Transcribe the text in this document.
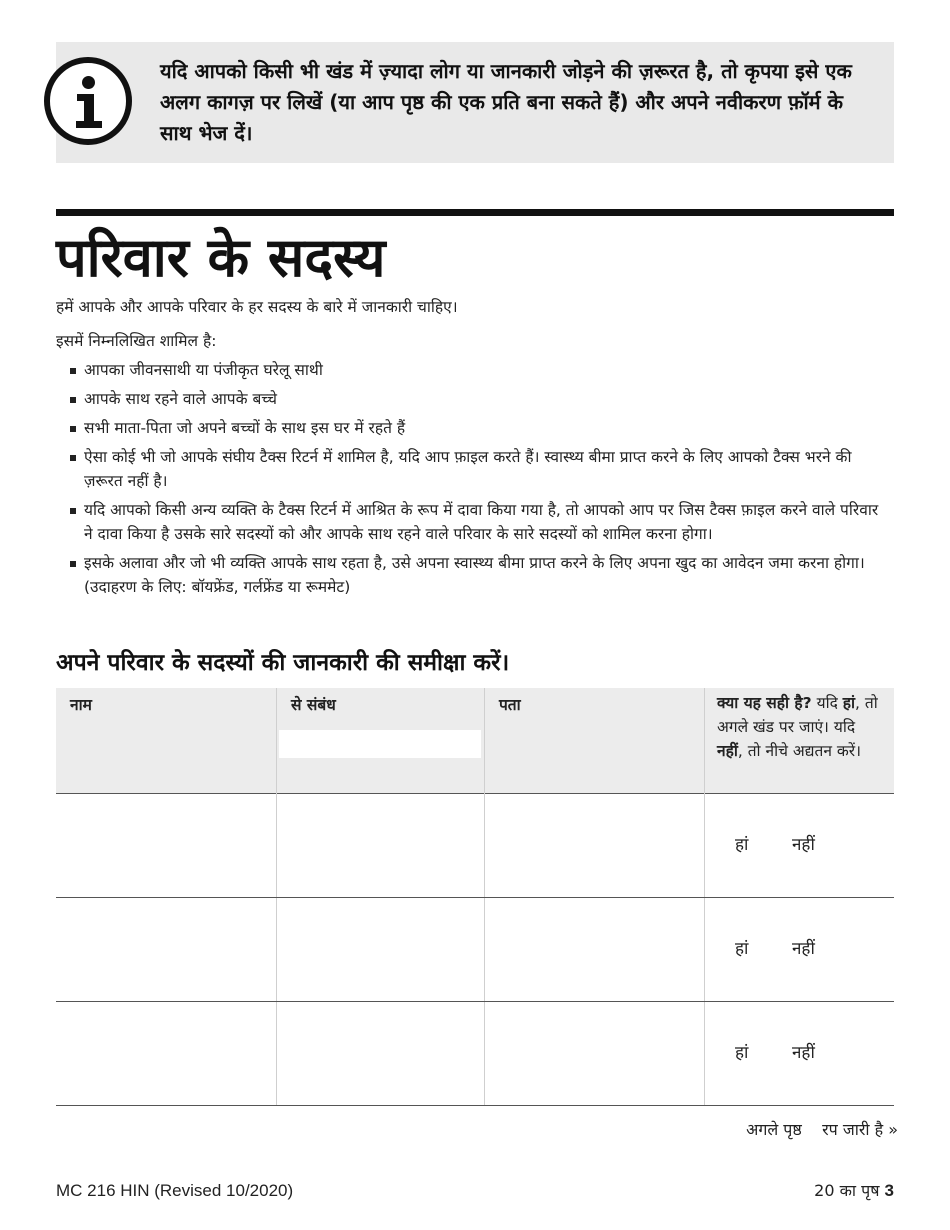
यदि आपको किसी भी खंड में ज़्यादा लोग या जानकारी जोड़ने की ज़रूरत है, तो कृपया इसे एक अलग कागज़ पर लिखें (या आप पृष्ठ की एक प्रति बना सकते हैं) और अपने नवीकरण फ़ॉर्म के साथ भेज दें।
परिवार के सदस्य

हमें आपके और आपके परिवार के हर सदस्य के बारे में जानकारी चाहिए।

इसमें निम्नलिखित शामिल है:

आपका जीवनसाथी या पंजीकृत घरेलू साथी
आपके साथ रहने वाले आपके बच्चे
सभी माता-पिता जो अपने बच्चों के साथ इस घर में रहते हैं
ऐसा कोई भी जो आपके संघीय टैक्स रिटर्न में शामिल है, यदि आप फ़ाइल करते हैं। स्वास्थ्य बीमा प्राप्त करने के लिए आपको टैक्स भरने की ज़रूरत नहीं है।
यदि आपको किसी अन्य व्यक्ति के टैक्स रिटर्न में आश्रित के रूप में दावा किया गया है, तो आपको आप पर जिस टैक्स फ़ाइल करने वाले परिवार ने दावा किया है उसके सारे सदस्यों को और आपके साथ रहने वाले परिवार के सारे सदस्यों को शामिल करना होगा।
इसके अलावा और जो भी व्यक्ति आपके साथ रहता है, उसे अपना स्वास्थ्य बीमा प्राप्त करने के लिए अपना खुद का आवेदन जमा करना होगा। (उदाहरण के लिए: बॉयफ्रेंड, गर्लफ्रेंड या रूममेट)
अपने परिवार के सदस्यों की जानकारी की समीक्षा करें।
नाम	से संबंध	पता	क्या यह सही है? यदि हां, तो अगले खंड पर जाएं। यदि नहीं, तो नीचे अद्यतन करें।
हां	नहीं
हां	नहीं
हां	नहीं
अगले पृष्ठ    रप जारी है »
MC 216 HIN (Revised 10/2020)	20 का पृष 3
